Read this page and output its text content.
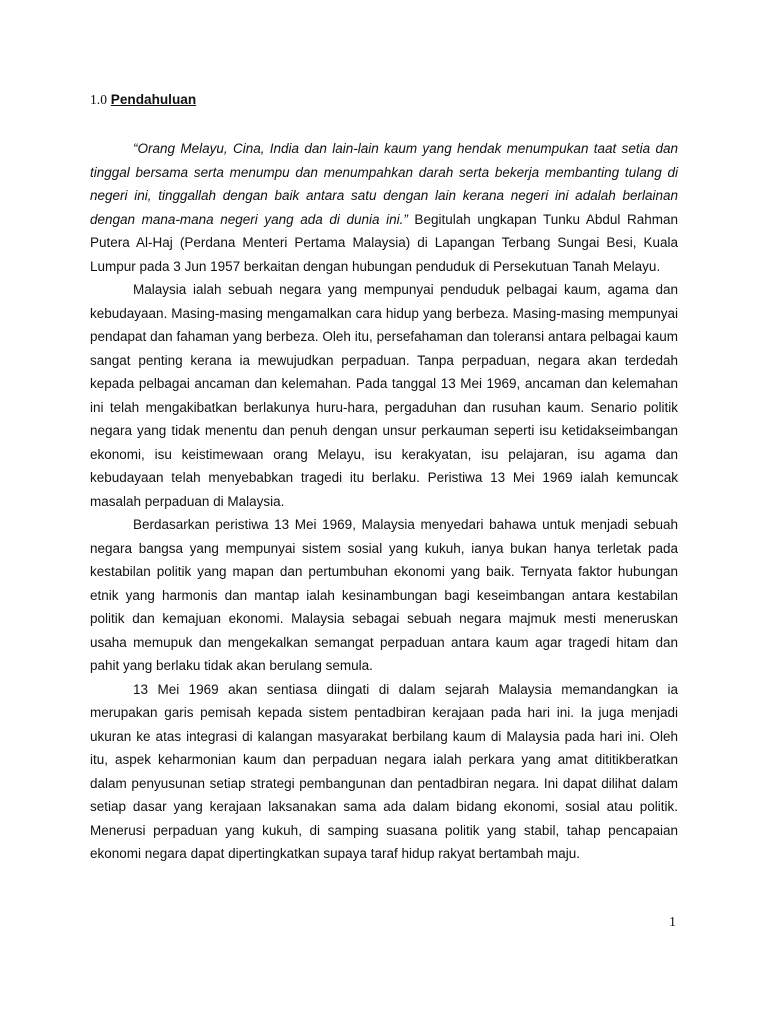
1.0 Pendahuluan

“Orang Melayu, Cina, India dan lain-lain kaum yang hendak menumpukan taat setia dan tinggal bersama serta menumpu dan menumpahkan darah serta bekerja membanting tulang di negeri ini, tinggallah dengan baik antara satu dengan lain kerana negeri ini adalah berlainan dengan mana-mana negeri yang ada di dunia ini.” Begitulah ungkapan Tunku Abdul Rahman Putera Al-Haj (Perdana Menteri Pertama Malaysia) di Lapangan Terbang Sungai Besi, Kuala Lumpur pada 3 Jun 1957 berkaitan dengan hubungan penduduk di Persekutuan Tanah Melayu.

Malaysia ialah sebuah negara yang mempunyai penduduk pelbagai kaum, agama dan kebudayaan. Masing-masing mengamalkan cara hidup yang berbeza. Masing-masing mempunyai pendapat dan fahaman yang berbeza. Oleh itu, persefahaman dan toleransi antara pelbagai kaum sangat penting kerana ia mewujudkan perpaduan. Tanpa perpaduan, negara akan terdedah kepada pelbagai ancaman dan kelemahan. Pada tanggal 13 Mei 1969, ancaman dan kelemahan ini telah mengakibatkan berlakunya huru-hara, pergaduhan dan rusuhan kaum. Senario politik negara yang tidak menentu dan penuh dengan unsur perkauman seperti isu ketidakseimbangan ekonomi, isu keistimewaan orang Melayu, isu kerakyatan, isu pelajaran, isu agama dan kebudayaan telah menyebabkan tragedi itu berlaku. Peristiwa 13 Mei 1969 ialah kemuncak masalah perpaduan di Malaysia.

Berdasarkan peristiwa 13 Mei 1969, Malaysia menyedari bahawa untuk menjadi sebuah negara bangsa yang mempunyai sistem sosial yang kukuh, ianya bukan hanya terletak pada kestabilan politik yang mapan dan pertumbuhan ekonomi yang baik. Ternyata faktor hubungan etnik yang harmonis dan mantap ialah kesinambungan bagi keseimbangan antara kestabilan politik dan kemajuan ekonomi. Malaysia sebagai sebuah negara majmuk mesti meneruskan usaha memupuk dan mengekalkan semangat perpaduan antara kaum agar tragedi hitam dan pahit yang berlaku tidak akan berulang semula.

13 Mei 1969 akan sentiasa diingati di dalam sejarah Malaysia memandangkan ia merupakan garis pemisah kepada sistem pentadbiran kerajaan pada hari ini. Ia juga menjadi ukuran ke atas integrasi di kalangan masyarakat berbilang kaum di Malaysia pada hari ini. Oleh itu, aspek keharmonian kaum dan perpaduan negara ialah perkara yang amat dititikberatkan dalam penyusunan setiap strategi pembangunan dan pentadbiran negara. Ini dapat dilihat dalam setiap dasar yang kerajaan laksanakan sama ada dalam bidang ekonomi, sosial atau politik. Menerusi perpaduan yang kukuh, di samping suasana politik yang stabil, tahap pencapaian ekonomi negara dapat dipertingkatkan supaya taraf hidup rakyat bertambah maju.

1
